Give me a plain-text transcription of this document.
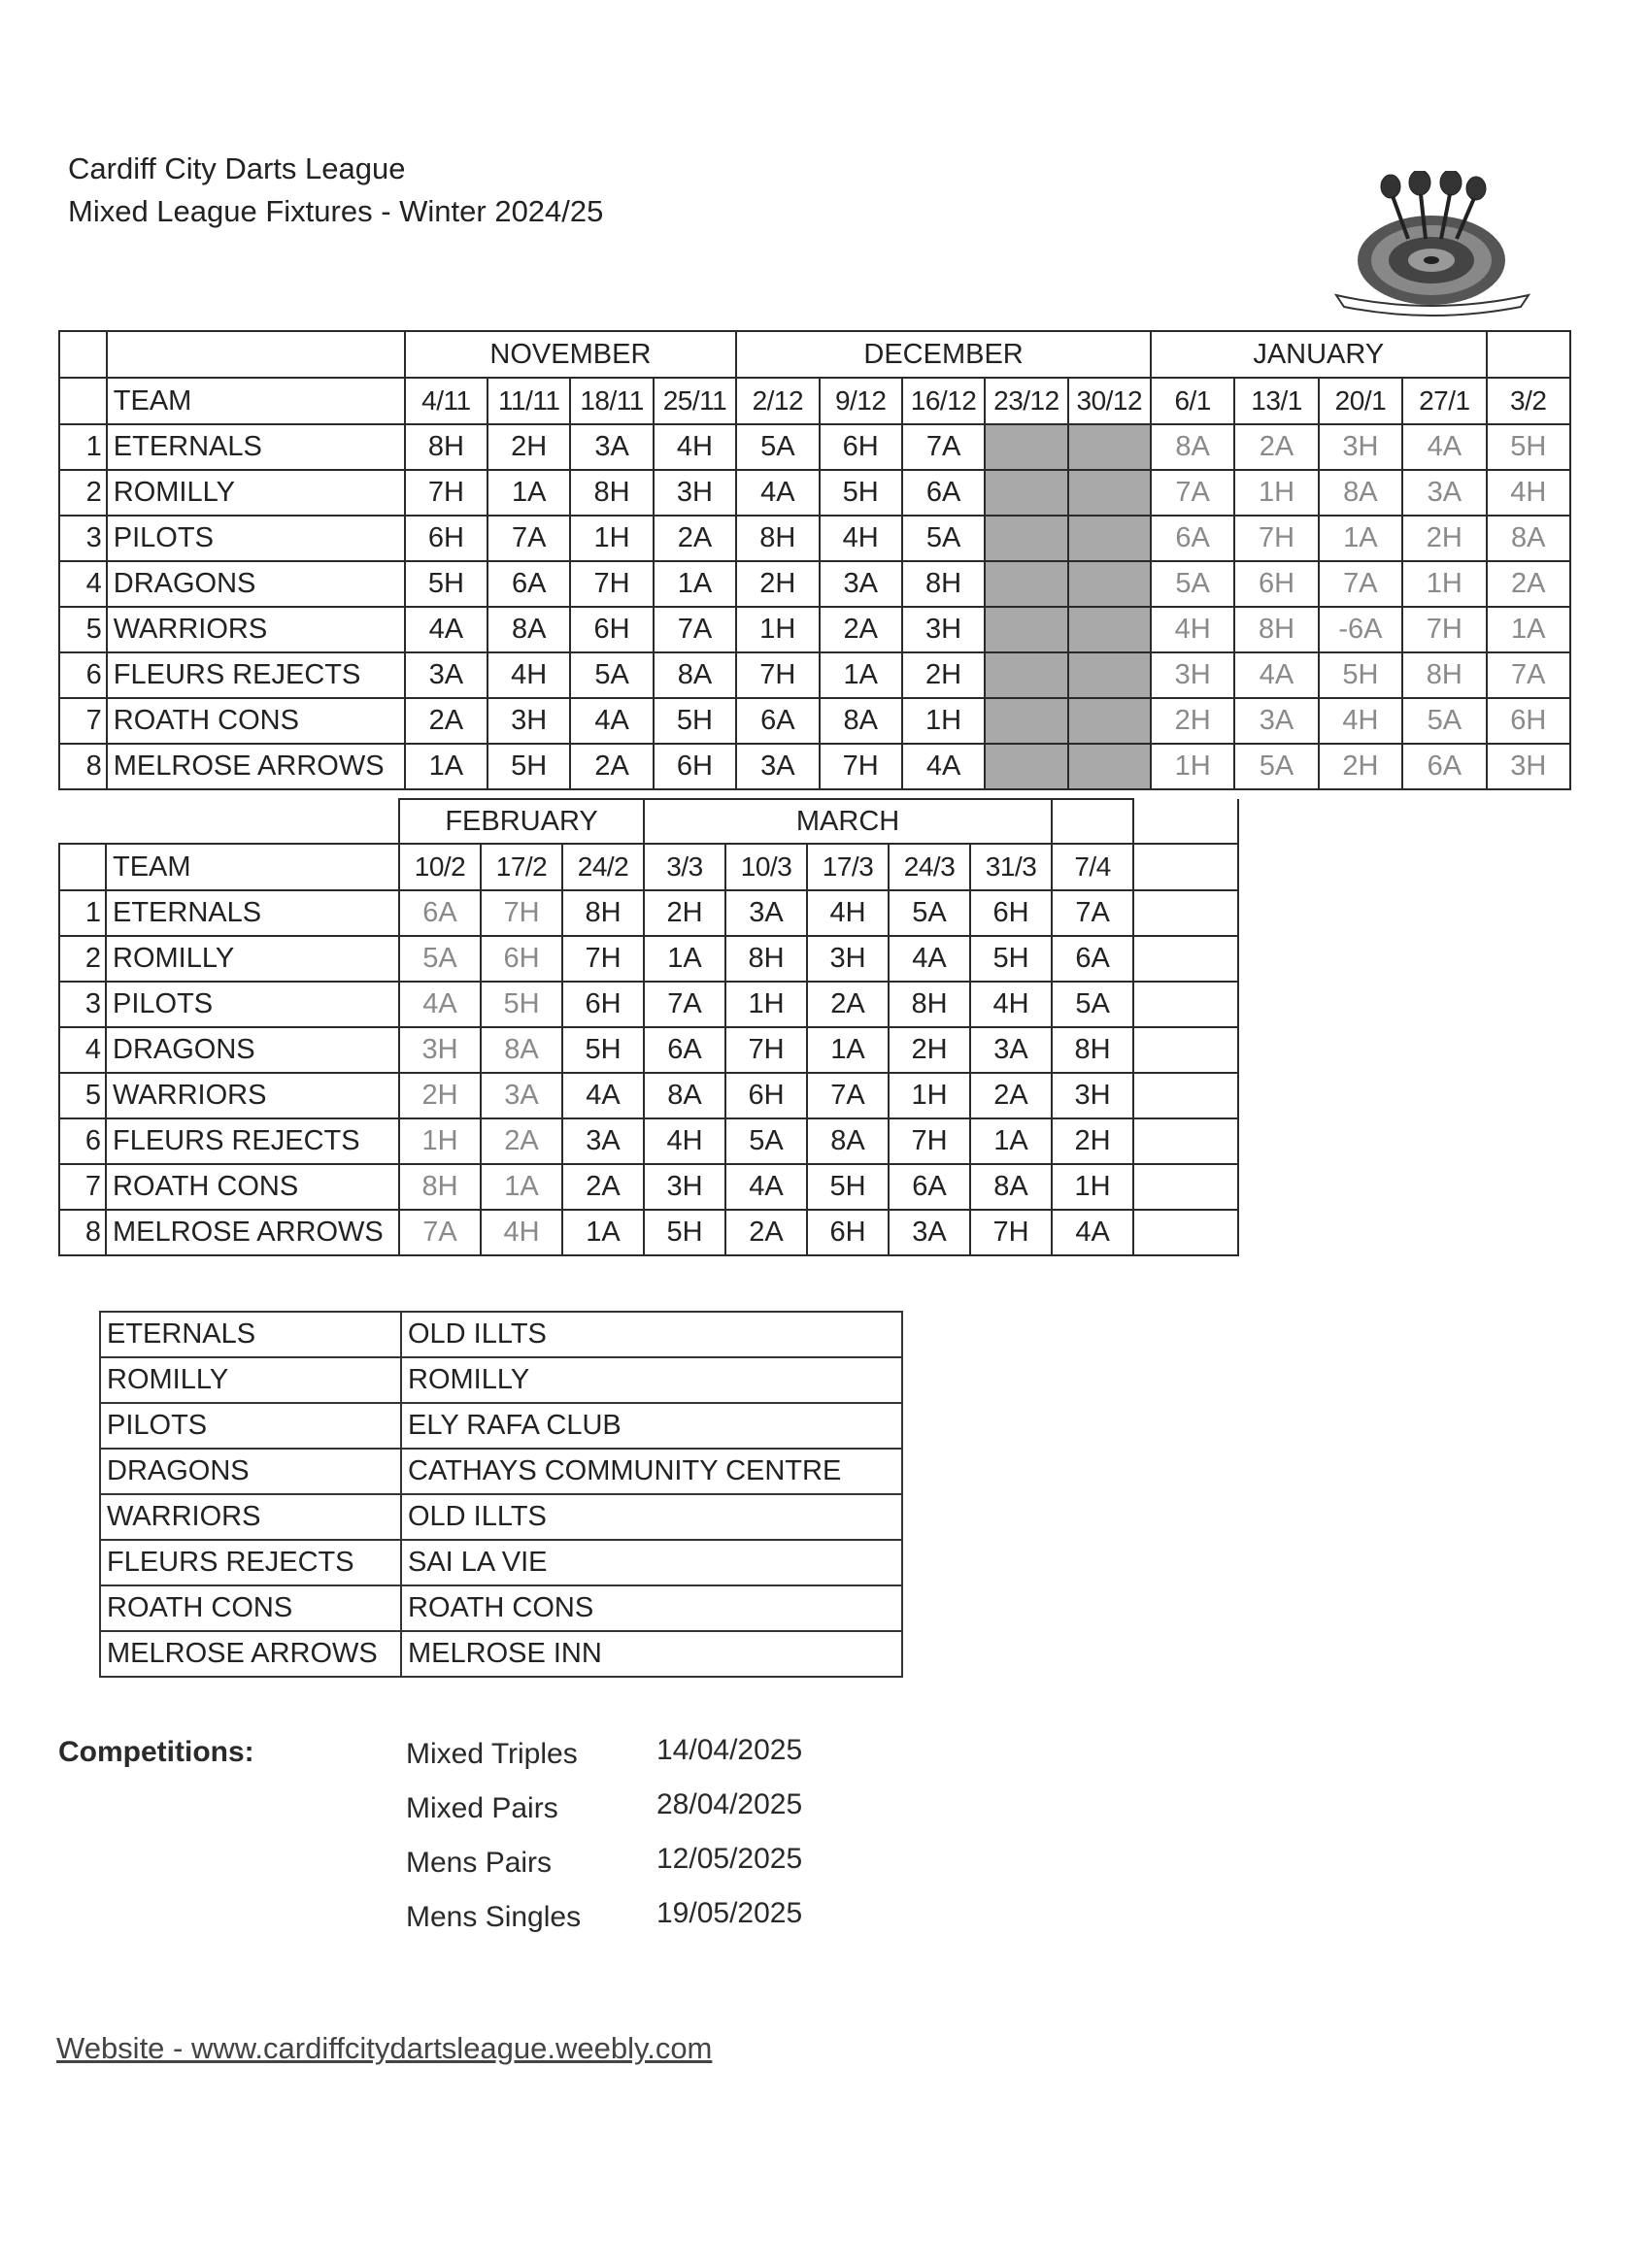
Cardiff City Darts League
Mixed League Fixtures - Winter 2024/25
		NOVEMBER				DECEMBER					JANUARY				
	TEAM	4/11	11/11	18/11	25/11	2/12	9/12	16/12	23/12	30/12	6/1	13/1	20/1	27/1	3/2
1	ETERNALS	8H	2H	3A	4H	5A	6H	7A			8A	2A	3H	4A	5H
2	ROMILLY	7H	1A	8H	3H	4A	5H	6A			7A	1H	8A	3A	4H
3	PILOTS	6H	7A	1H	2A	8H	4H	5A			6A	7H	1A	2H	8A
4	DRAGONS	5H	6A	7H	1A	2H	3A	8H			5A	6H	7A	1H	2A
5	WARRIORS	4A	8A	6H	7A	1H	2A	3H			4H	8H	-6A	7H	1A
6	FLEURS REJECTS	3A	4H	5A	8A	7H	1A	2H			3H	4A	5H	8H	7A
7	ROATH CONS	2A	3H	4A	5H	6A	8A	1H			2H	3A	4H	5A	6H
8	MELROSE ARROWS	1A	5H	2A	6H	3A	7H	4A			1H	5A	2H	6A	3H
		FEBRUARY			MARCH						
	TEAM	10/2	17/2	24/2	3/3	10/3	17/3	24/3	31/3	7/4	
1	ETERNALS	6A	7H	8H	2H	3A	4H	5A	6H	7A	
2	ROMILLY	5A	6H	7H	1A	8H	3H	4A	5H	6A	
3	PILOTS	4A	5H	6H	7A	1H	2A	8H	4H	5A	
4	DRAGONS	3H	8A	5H	6A	7H	1A	2H	3A	8H	
5	WARRIORS	2H	3A	4A	8A	6H	7A	1H	2A	3H	
6	FLEURS REJECTS	1H	2A	3A	4H	5A	8A	7H	1A	2H	
7	ROATH CONS	8H	1A	2A	3H	4A	5H	6A	8A	1H	
8	MELROSE ARROWS	7A	4H	1A	5H	2A	6H	3A	7H	4A	
ETERNALS	OLD ILLTS
ROMILLY	ROMILLY
PILOTS	ELY RAFA CLUB
DRAGONS	CATHAYS COMMUNITY CENTRE
WARRIORS	OLD ILLTS
FLEURS REJECTS	SAI LA VIE
ROATH CONS	ROATH CONS
MELROSE ARROWS	MELROSE INN
Competitions:	Mixed Triples	14/04/2025
Mixed Pairs	28/04/2025
Mens Pairs	12/05/2025
Mens Singles	19/05/2025
Website - www.cardiffcitydartsleague.weebly.com
